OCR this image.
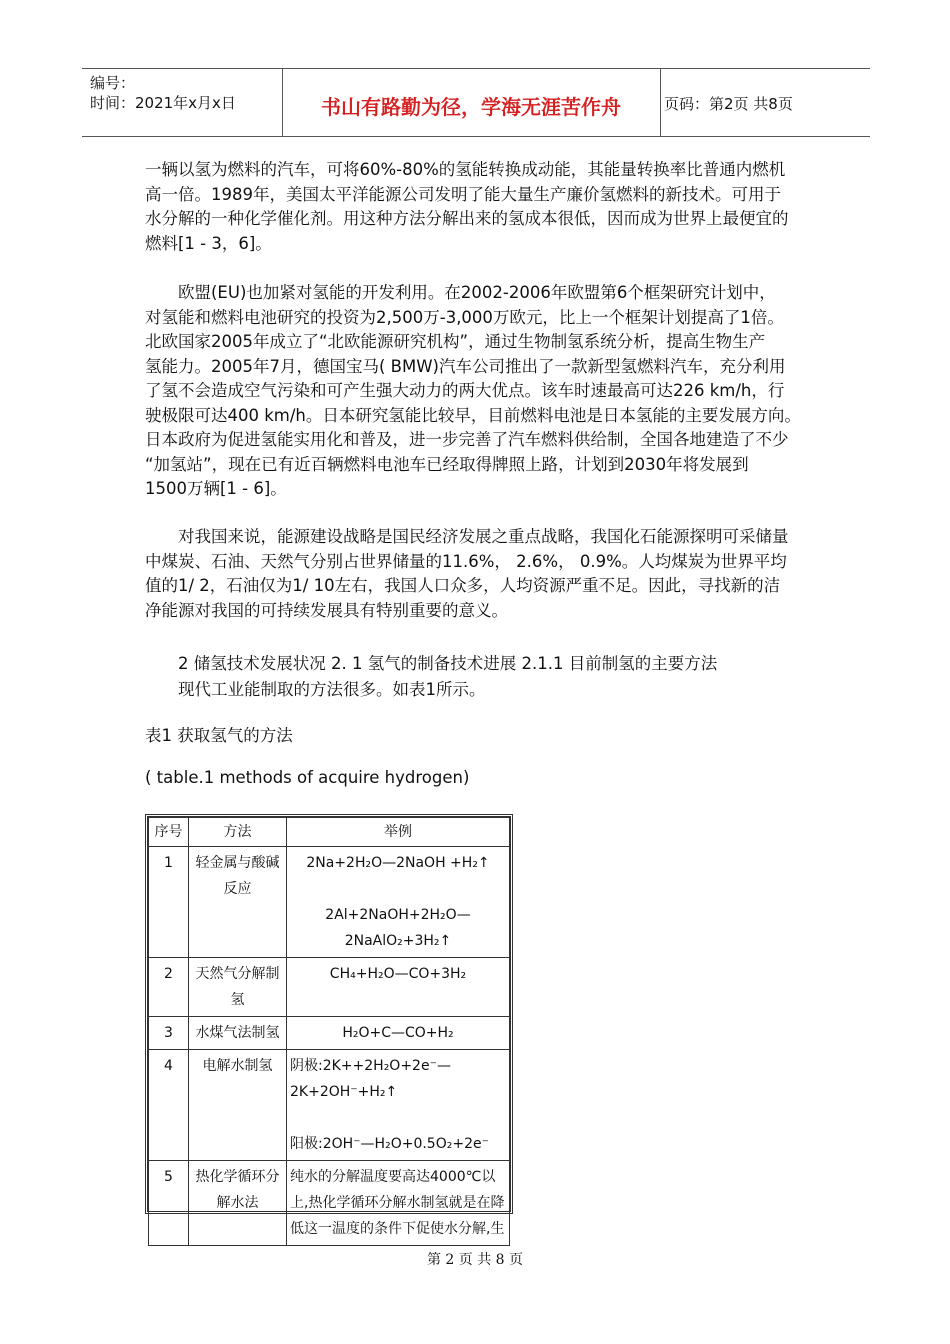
编号：
时间：2021年x月x日	书山有路勤为径，学海无涯苦作舟	页码：第2页 共8页
一辆以氢为燃料的汽车，可将60%-80%的氢能转换成动能，其能量转换率比普通内燃机
高一倍。1989年，美国太平洋能源公司发明了能大量生产廉价氢燃料的新技术。可用于
水分解的一种化学催化剂。用这种方法分解出来的氢成本很低，因而成为世界上最便宜的
燃料[1 - 3，6]。
欧盟(EU)也加紧对氢能的开发利用。在2002-2006年欧盟第6个框架研究计划中，
对氢能和燃料电池研究的投资为2,500万-3,000万欧元，比上一个框架计划提高了1倍。
北欧国家2005年成立了“北欧能源研究机构”，通过生物制氢系统分析，提高生物生产
氢能力。2005年7月，德国宝马( BMW)汽车公司推出了一款新型氢燃料汽车，充分利用
了氢不会造成空气污染和可产生强大动力的两大优点。该车时速最高可达226 km/h，行
驶极限可达400 km/h。日本研究氢能比较早，目前燃料电池是日本氢能的主要发展方向。
日本政府为促进氢能实用化和普及，进一步完善了汽车燃料供给制，全国各地建造了不少
“加氢站”，现在已有近百辆燃料电池车已经取得牌照上路，计划到2030年将发展到
1500万辆[1 - 6]。
对我国来说，能源建设战略是国民经济发展之重点战略，我国化石能源探明可采储量
中煤炭、石油、天然气分别占世界储量的11.6%， 2.6%， 0.9%。人均煤炭为世界平均
值的1/ 2，石油仅为1/ 10左右，我国人口众多，人均资源严重不足。因此，寻找新的洁
净能源对我国的可持续发展具有特别重要的意义。
2 储氢技术发展状况 2. 1 氢气的制备技术进展 2.1.1 目前制氢的主要方法
现代工业能制取的方法很多。如表1所示。
表1 获取氢气的方法
( table.1 methods of acquire hydrogen)
序号	方法	举例
1	轻金属与酸碱反应	2Na+2H₂O—2NaOH +H₂↑

2Al+2NaOH+2H₂O—
2NaAlO₂+3H₂↑

2	天然气分解制氢	CH₄+H₂O—CO+3H₂

3	水煤气法制氢	H₂O+C—CO+H₂

4	电解水制氢	阴极:2K++2H₂O+2e⁻—
2K+2OH⁻+H₂↑

阳极:2OH⁻—H₂O+0.5O₂+2e⁻

5	热化学循环分解水法	纯水的分解温度要高达4000℃以
上,热化学循环分解水制氢就是在降
低这一温度的条件下促使水分解,生
第 2 页 共 8 页
